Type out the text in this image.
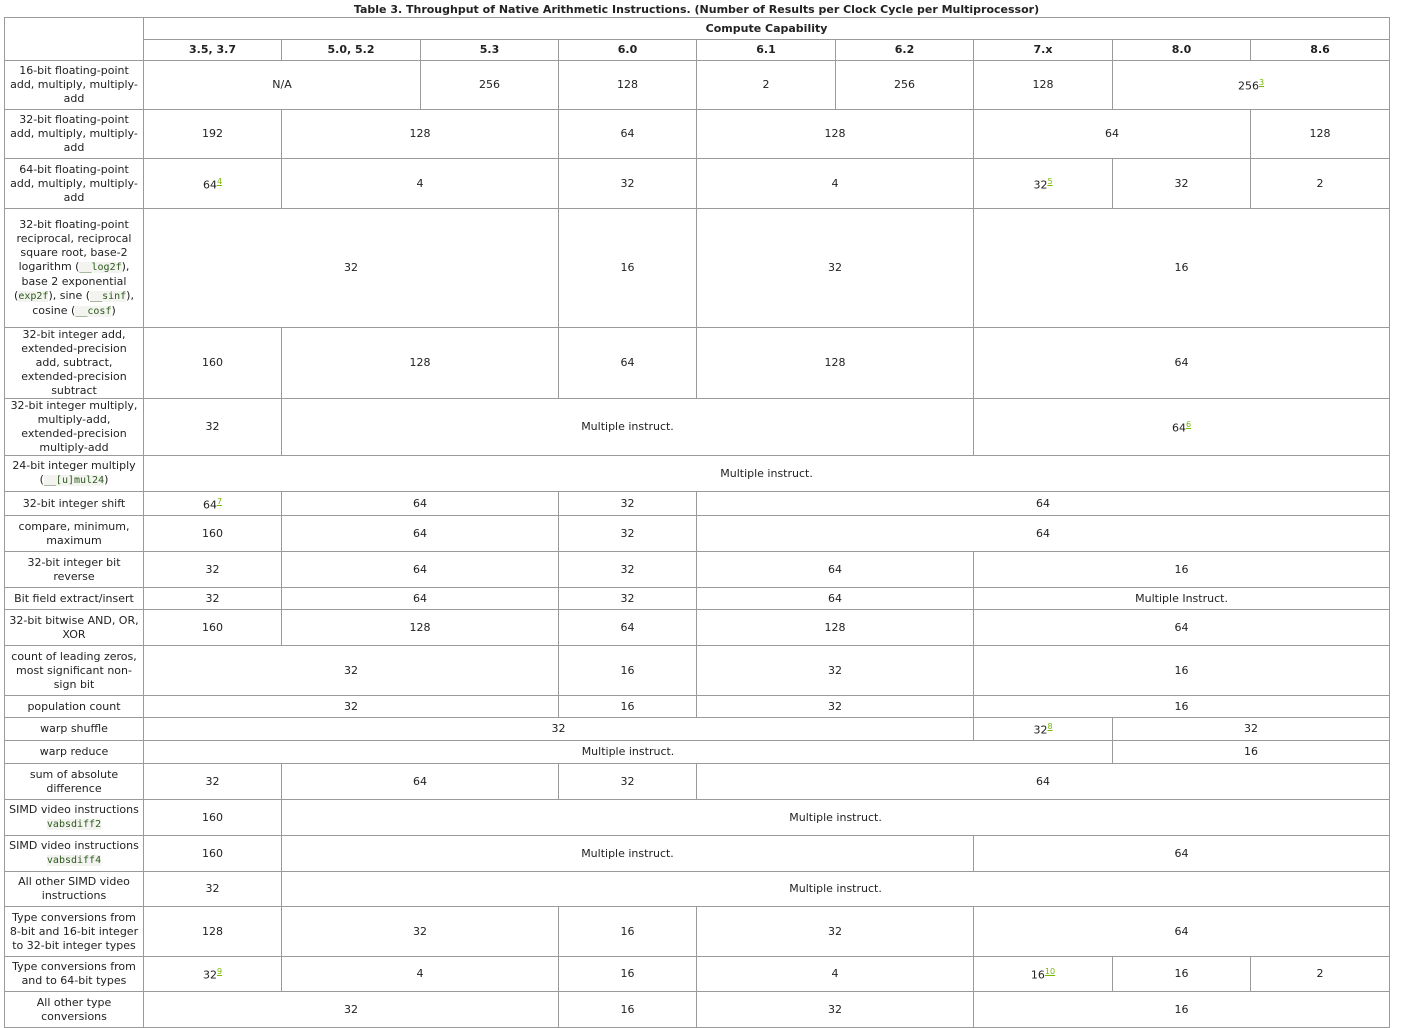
Table 3. Throughput of Native Arithmetic Instructions. (Number of Results per Clock Cycle per Multiprocessor)
	Compute Capability								
	3.5, 3.7	5.0, 5.2	5.3	6.0	6.1	6.2	7.x	8.0	8.6
16-bit floating-point add, multiply, multiply-add	N/A		256	128	2	256	128	256$^3$
32-bit floating-point add, multiply, multiply-add	192	128		64	128		64		128
64-bit floating-point add, multiply, multiply-add	64$^4$	4		32	4		32$^5$	32	2
32-bit floating-point reciprocal, reciprocal square root, base-2 logarithm (__log2f), base 2 exponential (exp2f), sine (__sinf), cosine (__cosf)	32			16	32		16		
32-bit integer add, extended-precision add, subtract, extended-precision subtract	160	128		64	128		64		
32-bit integer multiply, multiply-add, extended-precision multiply-add	32	Multiple instruct.					64$^6$
24-bit integer multiply (__[u]mul24)	Multiple instruct.								
32-bit integer shift	64$^7$	64		32	64				
compare, minimum, maximum	160	64		32	64				
32-bit integer bit reverse	32	64		32	64		16		
Bit field extract/insert	32	64		32	64		Multiple Instruct.		
32-bit bitwise AND, OR, XOR	160	128		64	128		64		
count of leading zeros, most significant non-sign bit	32			16	32		16		
population count	32			16	32		16		
warp shuffle	32						32$^8$	32	
warp reduce	Multiple instruct.							16	
sum of absolute difference	32	64		32	64				
SIMD video instructions vabsdiff2	160	Multiple instruct.							
SIMD video instructions vabsdiff4	160	Multiple instruct.					64		
All other SIMD video instructions	32	Multiple instruct.							
Type conversions from 8-bit and 16-bit integer to 32-bit integer types	128	32		16	32		64		
Type conversions from and to 64-bit types	32$^9$	4		16	4		16$^{10}$	16	2
All other type conversions	32			16	32		16		
